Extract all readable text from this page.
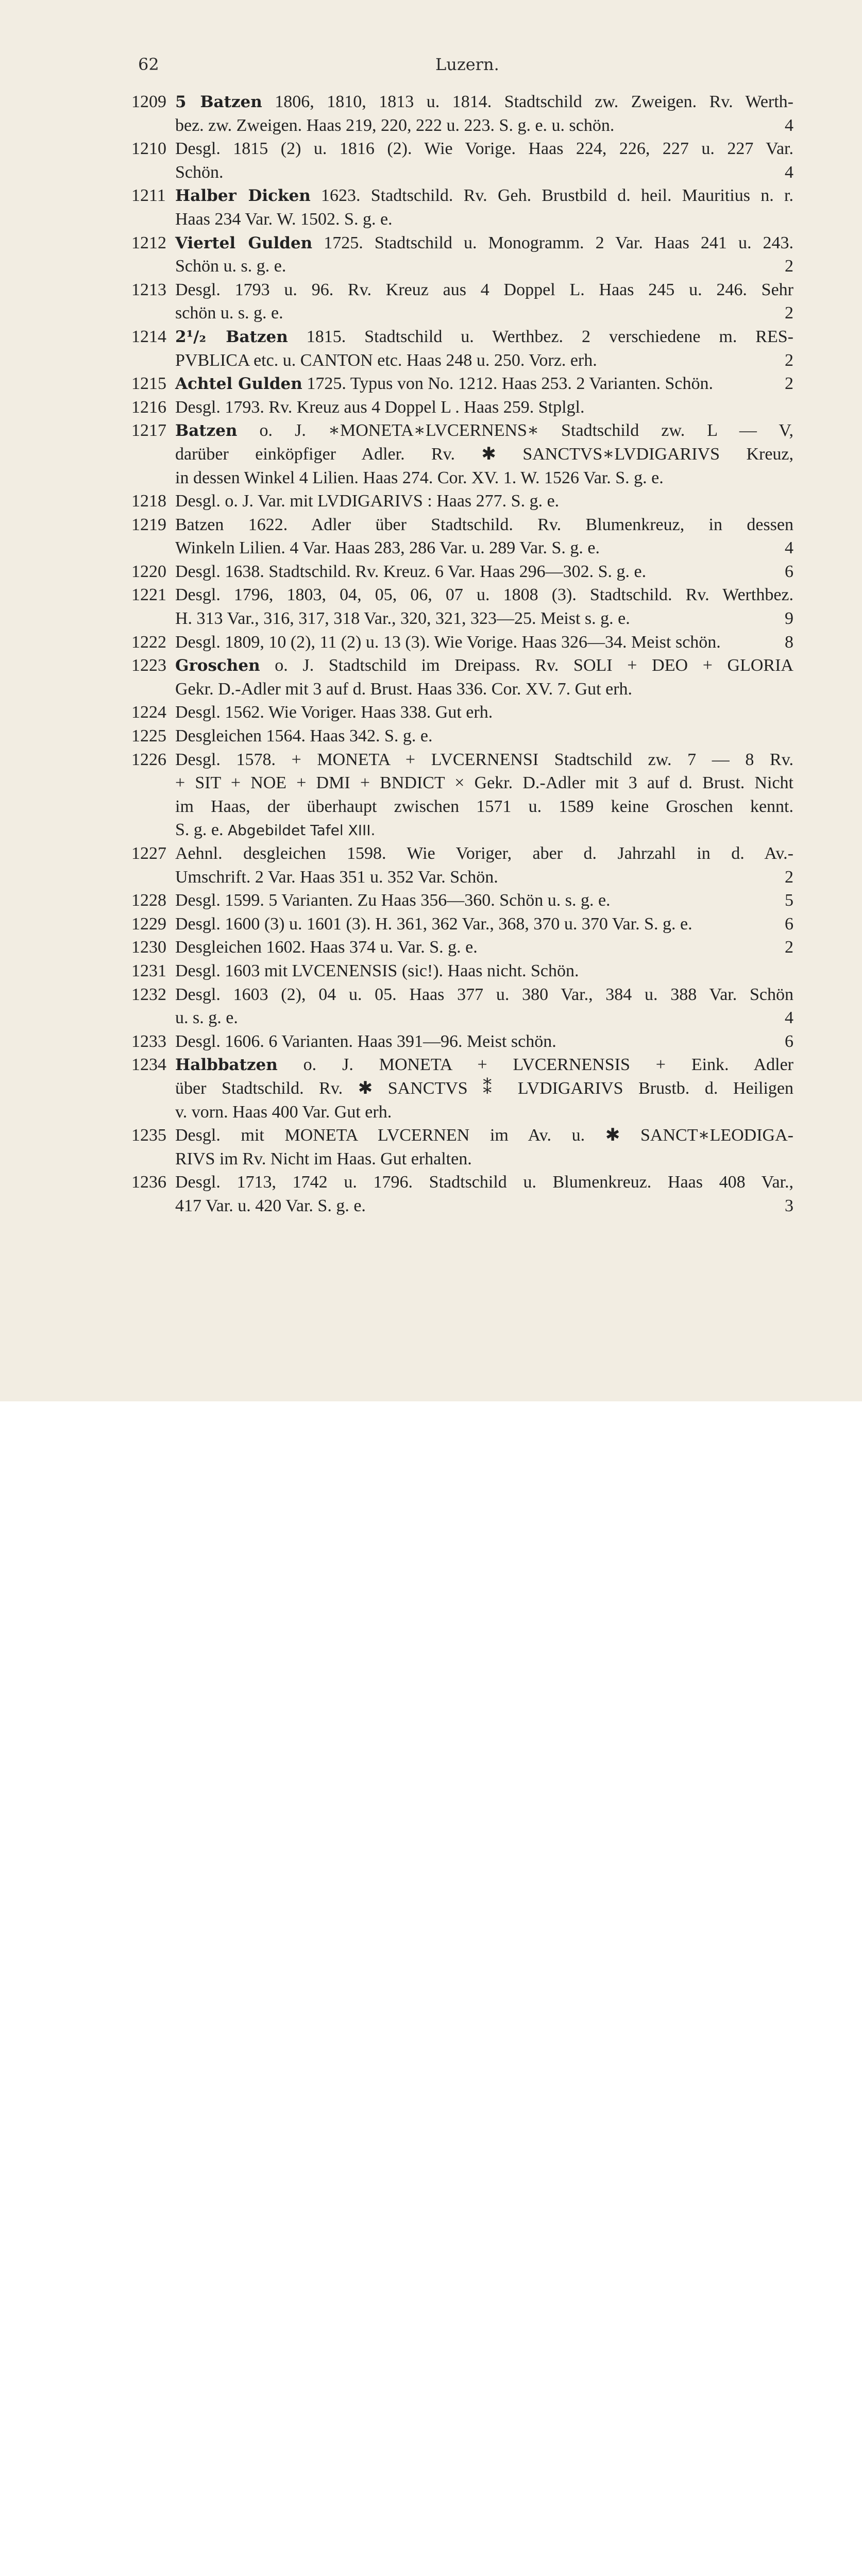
62	Luzern.
1209 5 Batzen 1806, 1810, 1813 u. 1814. Stadtschild zw. Zweigen. Rv. Werth-
bez. zw. Zweigen. Haas 219, 220, 222 u. 223. S. g. e. u. schön.	4
1210 Desgl. 1815 (2) u. 1816 (2). Wie Vorige. Haas 224, 226, 227 u. 227 Var.
Schön.	4
1211 Halber Dicken 1623. Stadtschild. Rv. Geh. Brustbild d. heil. Mauritius n. r.
Haas 234 Var. W. 1502. S. g. e.
1212 Viertel Gulden 1725. Stadtschild u. Monogramm. 2 Var. Haas 241 u. 243.
Schön u. s. g. e.	2
1213 Desgl. 1793 u. 96. Rv. Kreuz aus 4 Doppel L. Haas 245 u. 246. Sehr
schön u. s. g. e.	2
1214 2¹/₂ Batzen 1815. Stadtschild u. Werthbez. 2 verschiedene m. RES-
PVBLICA etc. u. CANTON etc. Haas 248 u. 250. Vorz. erh.	2
1215 Achtel Gulden 1725. Typus von No. 1212. Haas 253. 2 Varianten. Schön.	2
1216 Desgl. 1793. Rv. Kreuz aus 4 Doppel L . Haas 259. Stplgl.
1217 Batzen o. J. ∗MONETA∗LVCERNENS∗ Stadtschild zw. L — V,
darüber einköpfiger Adler. Rv. ✱ SANCTVS∗LVDIGARIVS Kreuz,
in dessen Winkel 4 Lilien. Haas 274. Cor. XV. 1. W. 1526 Var. S. g. e.
1218 Desgl. o. J. Var. mit LVDIGARIVS : Haas 277. S. g. e.
1219 Batzen 1622. Adler über Stadtschild. Rv. Blumenkreuz, in dessen
Winkeln Lilien. 4 Var. Haas 283, 286 Var. u. 289 Var. S. g. e.	4
1220 Desgl. 1638. Stadtschild. Rv. Kreuz. 6 Var. Haas 296—302. S. g. e.	6
1221 Desgl. 1796, 1803, 04, 05, 06, 07 u. 1808 (3). Stadtschild. Rv. Werthbez.
H. 313 Var., 316, 317, 318 Var., 320, 321, 323—25. Meist s. g. e.	9
1222 Desgl. 1809, 10 (2), 11 (2) u. 13 (3). Wie Vorige. Haas 326—34. Meist schön.	8
1223 Groschen o. J. Stadtschild im Dreipass. Rv. SOLI + DEO + GLORIA
Gekr. D.-Adler mit 3 auf d. Brust. Haas 336. Cor. XV. 7. Gut erh.
1224 Desgl. 1562. Wie Voriger. Haas 338. Gut erh.
1225 Desgleichen 1564. Haas 342. S. g. e.
1226 Desgl. 1578. + MONETA + LVCERNENSI Stadtschild zw. 7 — 8 Rv.
+ SIT + NOE + DMI + BNDICT × Gekr. D.-Adler mit 3 auf d. Brust. Nicht
im Haas, der überhaupt zwischen 1571 u. 1589 keine Groschen kennt.
S. g. e. Abgebildet Tafel XIII.
1227 Aehnl. desgleichen 1598. Wie Voriger, aber d. Jahrzahl in d. Av.-
Umschrift. 2 Var. Haas 351 u. 352 Var. Schön.	2
1228 Desgl. 1599. 5 Varianten. Zu Haas 356—360. Schön u. s. g. e.	5
1229 Desgl. 1600 (3) u. 1601 (3). H. 361, 362 Var., 368, 370 u. 370 Var. S. g. e.	6
1230 Desgleichen 1602. Haas 374 u. Var. S. g. e.	2
1231 Desgl. 1603 mit LVCENENSIS (sic!). Haas nicht. Schön.
1232 Desgl. 1603 (2), 04 u. 05. Haas 377 u. 380 Var., 384 u. 388 Var. Schön
u. s. g. e.	4
1233 Desgl. 1606. 6 Varianten. Haas 391—96. Meist schön.	6
1234 Halbbatzen o. J. MONETA + LVCERNENSIS + Eink. Adler
über Stadtschild. Rv. ✱ SANCTVS ⁑ LVDIGARIVS Brustb. d. Heiligen
v. vorn. Haas 400 Var. Gut erh.
1235 Desgl. mit MONETA LVCERNEN im Av. u. ✱ SANCT∗LEODIGA-
RIVS im Rv. Nicht im Haas. Gut erhalten.
1236 Desgl. 1713, 1742 u. 1796. Stadtschild u. Blumenkreuz. Haas 408 Var.,
417 Var. u. 420 Var. S. g. e.	3
